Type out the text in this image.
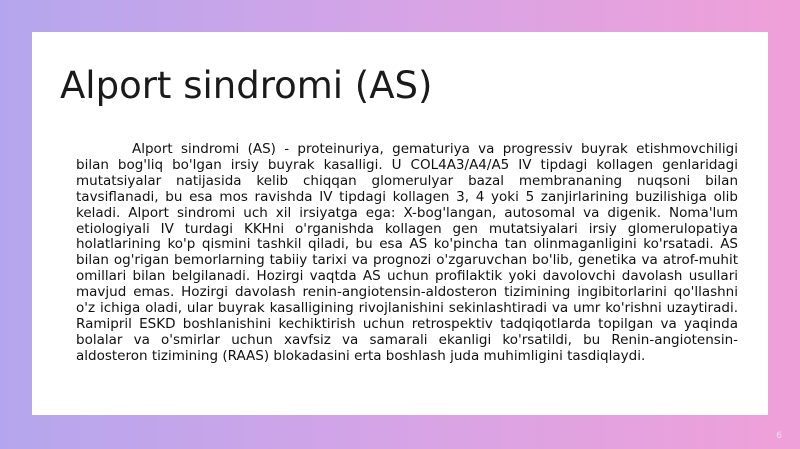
Alport sindromi (AS)

Alport sindromi (AS) - proteinuriya, gematuriya va progressiv buyrak etishmovchiligi bilan bog'liq bo'lgan irsiy buyrak kasalligi. U COL4A3/A4/A5 IV tipdagi kollagen genlaridagi mutatsiyalar natijasida kelib chiqqan glomerulyar bazal membrananing nuqsoni bilan tavsiflanadi, bu esa mos ravishda IV tipdagi kollagen 3, 4 yoki 5 zanjirlarining buzilishiga olib keladi. Alport sindromi uch xil irsiyatga ega: X-bog'langan, autosomal va digenik. Noma'lum etiologiyali IV turdagi KKHni o'rganishda kollagen gen mutatsiyalari irsiy glomerulopatiya holatlarining ko'p qismini tashkil qiladi, bu esa AS ko'pincha tan olinmaganligini ko'rsatadi. AS bilan og'rigan bemorlarning tabiiy tarixi va prognozi o'zgaruvchan bo'lib, genetika va atrof-muhit omillari bilan belgilanadi. Hozirgi vaqtda AS uchun profilaktik yoki davolovchi davolash usullari mavjud emas. Hozirgi davolash renin-angiotensin-aldosteron tizimining ingibitorlarini qo'llashni o'z ichiga oladi, ular buyrak kasalligining rivojlanishini sekinlashtiradi va umr ko'rishni uzaytiradi. Ramipril ESKD boshlanishini kechiktirish uchun retrospektiv tadqiqotlarda topilgan va yaqinda bolalar va o'smirlar uchun xavfsiz va samarali ekanligi ko'rsatildi, bu Renin-angiotensin-aldosteron tizimining (RAAS) blokadasini erta boshlash juda muhimligini tasdiqlaydi.

6
